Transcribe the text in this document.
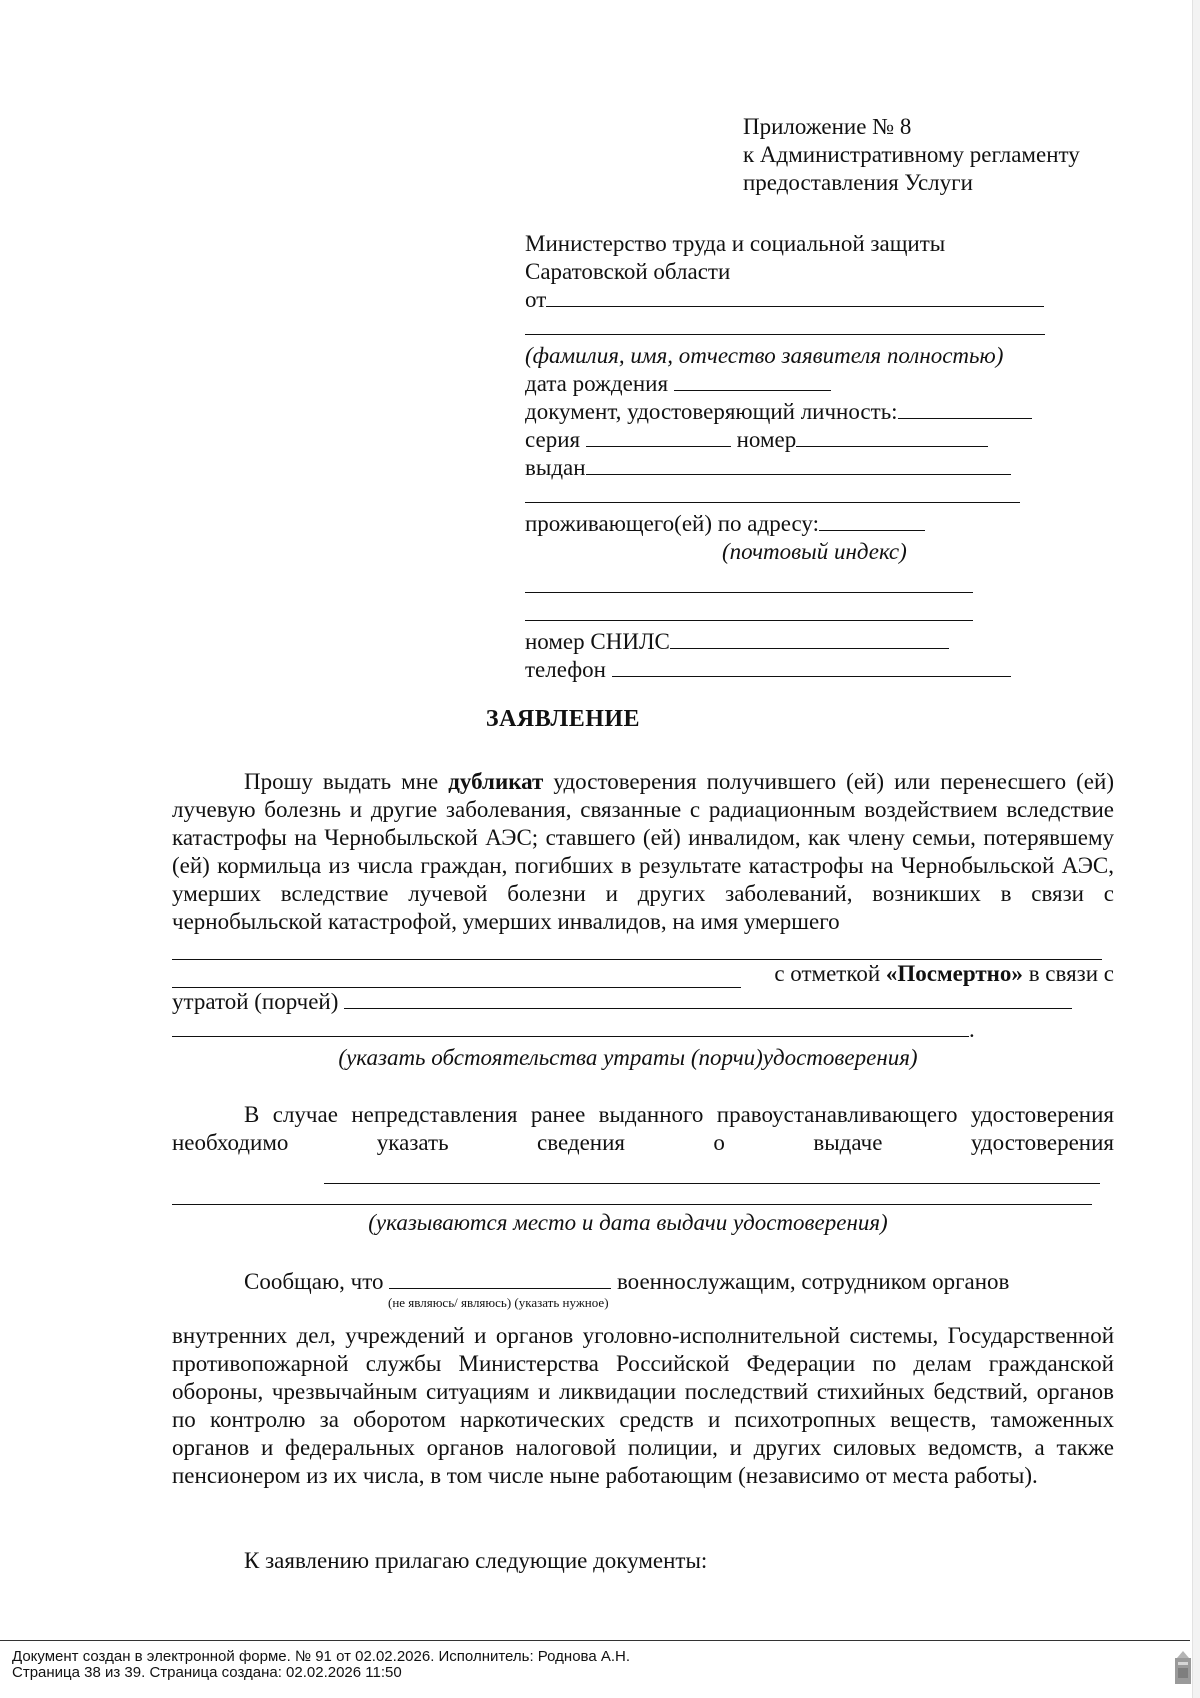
Приложение № 8
к Административному регламенту
предоставления Услуги
Министерство труда и социальной защиты
Саратовской области
от
(фамилия, имя, отчество заявителя полностью)
дата рождения
документ, удостоверяющий личность:
серия	номер
выдан
проживающего(ей) по адресу:
(почтовый индекс)
номер СНИЛС
телефон
ЗАЯВЛЕНИЕ
Прошу выдать мне дубликат удостоверения получившего (ей) или перенесшего (ей) лучевую болезнь и другие заболевания, связанные с радиационным воздействием вследствие катастрофы на Чернобыльской АЭС; ставшего (ей) инвалидом, как члену семьи, потерявшему (ей) кормильца из числа граждан, погибших в результате катастрофы на Чернобыльской АЭС, умерших вследствие лучевой болезни и других заболеваний, возникших в связи с чернобыльской катастрофой, умерших инвалидов, на имя умершего
с отметкой «Посмертно» в связи с
утратой (порчей)
.
(указать обстоятельства утраты (порчи)удостоверения)
В случае непредставления ранее выданного правоустанавливающего удостоверения необходимо указать сведения о выдаче удостоверения
(указываются место и дата выдачи удостоверения)
Сообщаю, что	военнослужащим, сотрудником органов
(не являюсь/ являюсь) (указать нужное)
внутренних дел, учреждений и органов уголовно-исполнительной системы, Государственной противопожарной службы Министерства Российской Федерации по делам гражданской обороны, чрезвычайным ситуациям и ликвидации последствий стихийных бедствий, органов по контролю за оборотом наркотических средств и психотропных веществ, таможенных органов и федеральных органов налоговой полиции, и других силовых ведомств, а также пенсионером из их числа, в том числе ныне работающим (независимо от места работы).
К заявлению прилагаю следующие документы:
Документ создан в электронной форме. № 91 от 02.02.2026. Исполнитель: Роднова А.Н.
Страница 38 из 39. Страница создана: 02.02.2026 11:50
